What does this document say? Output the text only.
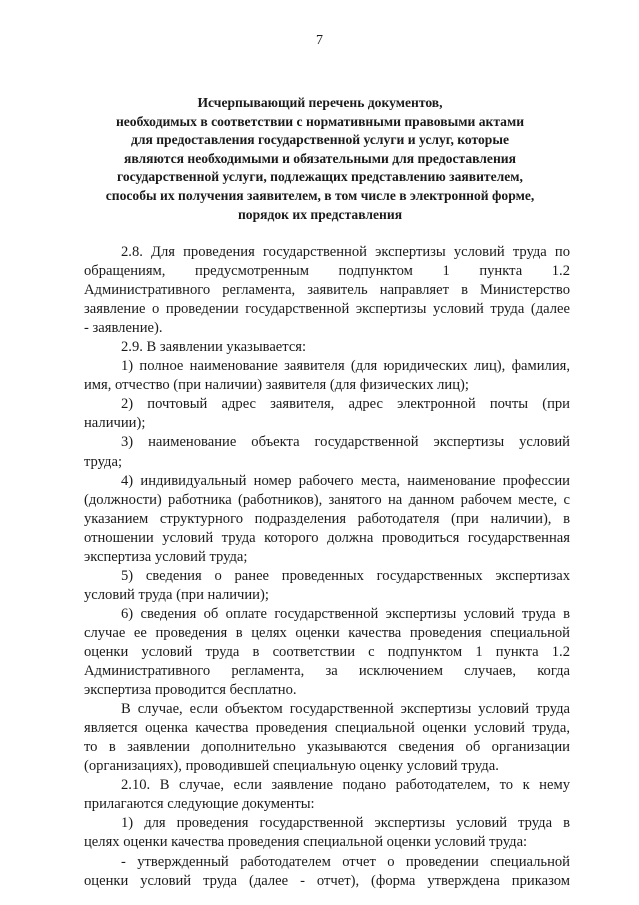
7
Исчерпывающий перечень документов,
необходимых в соответствии с нормативными правовыми актами
для предоставления государственной услуги и услуг, которые
являются необходимыми и обязательными для предоставления
государственной услуги, подлежащих представлению заявителем,
способы их получения заявителем, в том числе в электронной форме,
порядок их представления
2.8. Для проведения государственной экспертизы условий труда по
обращениям, предусмотренным подпунктом 1 пункта 1.2
Административного регламента, заявитель направляет в Министерство
заявление о проведении государственной экспертизы условий труда (далее
- заявление).
2.9. В заявлении указывается:
1) полное наименование заявителя (для юридических лиц), фамилия,
имя, отчество (при наличии) заявителя (для физических лиц);
2) почтовый адрес заявителя, адрес электронной почты (при
наличии);
3) наименование объекта государственной экспертизы условий
труда;
4) индивидуальный номер рабочего места, наименование профессии
(должности) работника (работников), занятого на данном рабочем месте, с
указанием структурного подразделения работодателя (при наличии), в
отношении условий труда которого должна проводиться государственная
экспертиза условий труда;
5) сведения о ранее проведенных государственных экспертизах
условий труда (при наличии);
6) сведения об оплате государственной экспертизы условий труда в
случае ее проведения в целях оценки качества проведения специальной
оценки условий труда в соответствии с подпунктом 1 пункта 1.2
Административного регламента, за исключением случаев, когда
экспертиза проводится бесплатно.
В случае, если объектом государственной экспертизы условий труда
является оценка качества проведения специальной оценки условий труда,
то в заявлении дополнительно указываются сведения об организации
(организациях), проводившей специальную оценку условий труда.
2.10. В случае, если заявление подано работодателем, то к нему
прилагаются следующие документы:
1) для проведения государственной экспертизы условий труда в
целях оценки качества проведения специальной оценки условий труда:
- утвержденный работодателем отчет о проведении специальной
оценки условий труда (далее - отчет), (форма утверждена приказом
